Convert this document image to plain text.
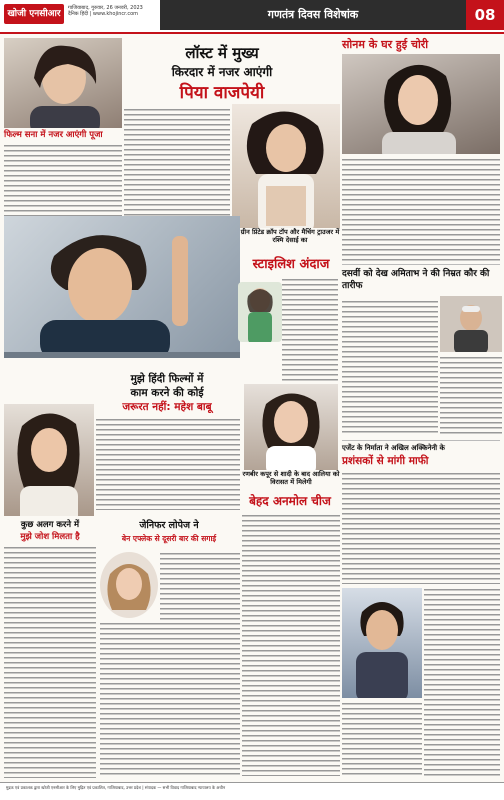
खोजी एनसीआर
गाजियाबाद, गुरुवार, 26 जनवरी, 2023
दैनिक हिंदी | www.khojincr.com	गणतंत्र दिवस विशेषांक	08
फिल्म सना में नजर आएंगी पूजा
लॉस्ट में मुख्य
किरदार में नजर आएंगी
पिया वाजपेयी
सोनम के घर हुई चोरी
ग्रीन प्रिंटेड क्रॉप टॉप और मैचिंग ट्राउजर में रश्मि देसाई का
स्टाइलिश अंदाज
दसवीं को देख अमिताभ ने की निम्रत कौर की तारीफ
मुझे हिंदी फिल्मों में
काम करने की कोई
जरूरत नहीं: महेश बाबू
कुछ अलग करने में
मुझे जोश मिलता है
रणबीर कपूर से शादी के बाद आलिया को विरासत में मिलेगी
बेहद अनमोल चीज
जेनिफर लोपेज ने
बेन एफ्लेक से दूसरी बार की सगाई
एजेंट के निर्माता ने अखिल अक्किनेनी के
प्रशंसकों से मांगी माफी
मुद्रक एवं प्रकाशक द्वारा खोजी एनसीआर के लिए मुद्रित एवं प्रकाशित, गाजियाबाद, उत्तर प्रदेश | संपादक — सभी विवाद गाजियाबाद न्यायालय के अधीन
